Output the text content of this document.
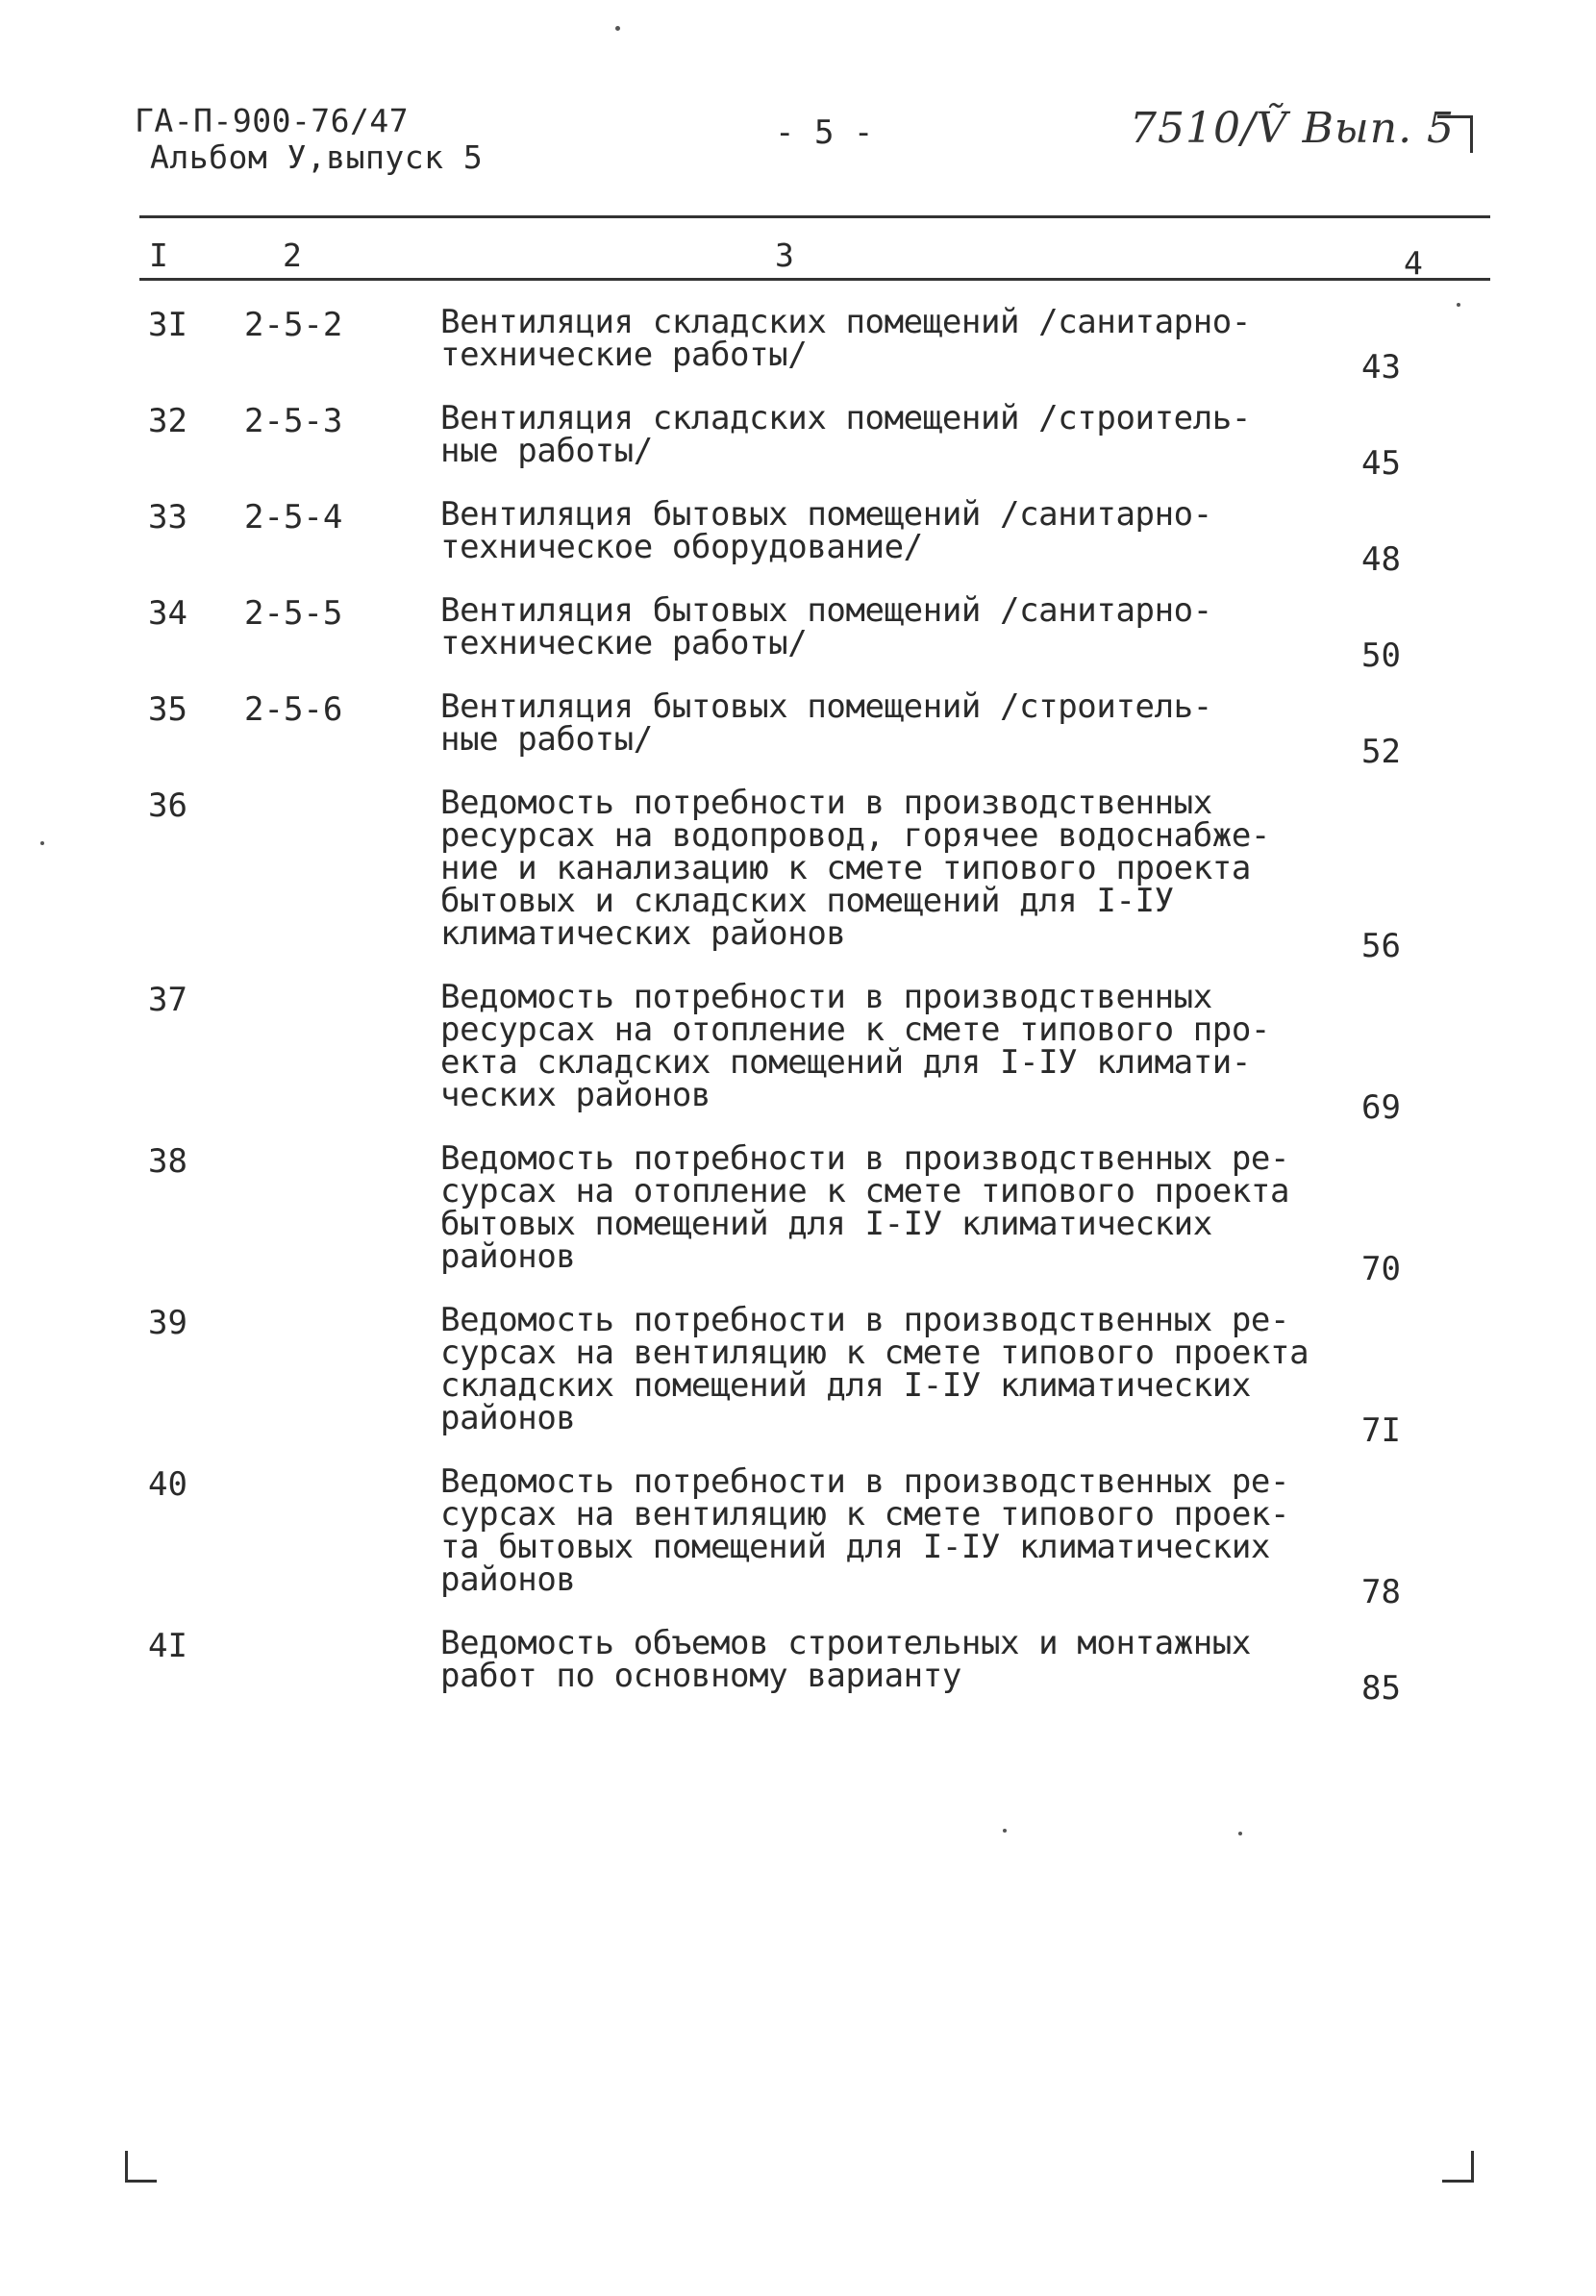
ГА-П-900-76/47
Альбом У,выпуск 5
- 5 -	7510/Ṽ Вып. 5
I	2	3	4
3I 2-5-2	Вентиляция складских помещений /санитарно-
технические работы/	43
32 2-5-3	Вентиляция складских помещений /строитель-
ные работы/	45
33 2-5-4	Вентиляция бытовых помещений /санитарно-
техническое оборудование/	48
34 2-5-5	Вентиляция бытовых помещений /санитарно-
технические работы/	50
35 2-5-6	Вентиляция бытовых помещений /строитель-
ные работы/	52
36	Ведомость потребности в производственных
ресурсах на водопровод, горячее водоснабже-
ние и канализацию к смете типового проекта
бытовых и складских помещений для I-IУ
климатических районов	56
37	Ведомость потребности в производственных
ресурсах на отопление к смете типового про-
екта складских помещений для I-IУ климати-
ческих районов	69
38	Ведомость потребности в производственных ре-
сурсах на отопление к смете типового проекта
бытовых помещений для I-IУ климатических
районов	70
39	Ведомость потребности в производственных ре-
сурсах на вентиляцию к смете типового проекта
складских помещений для I-IУ климатических
районов	7I
40	Ведомость потребности в производственных ре-
сурсах на вентиляцию к смете типового проек-
та бытовых помещений для I-IУ климатических
районов	78
4I	Ведомость объемов строительных и монтажных
работ по основному варианту	85
